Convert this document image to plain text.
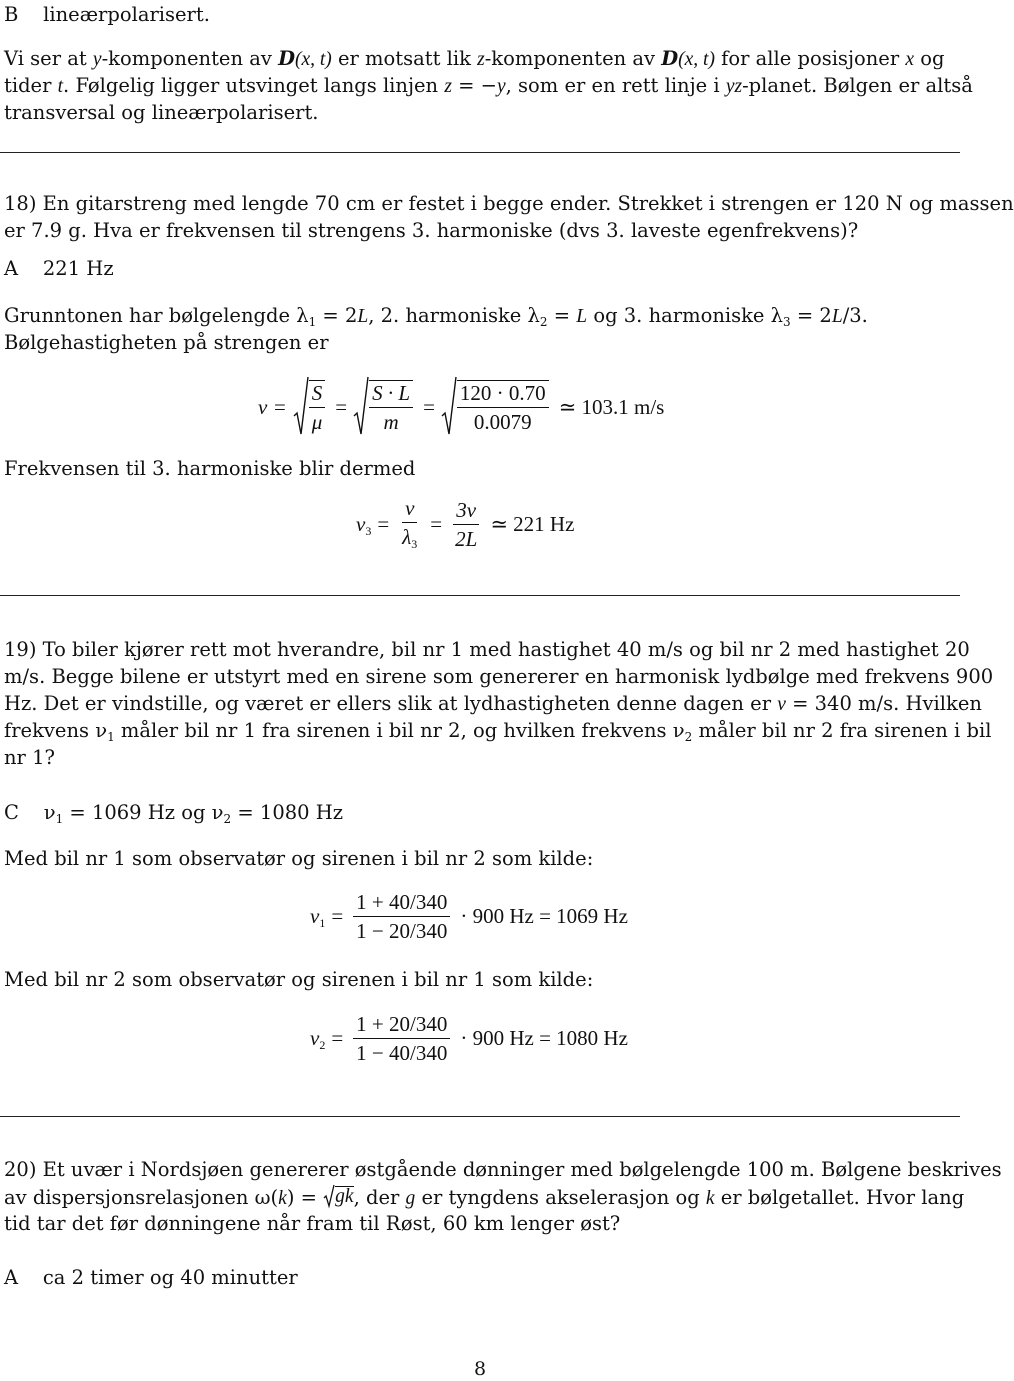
B lineærpolarisert.
Vi ser at y-komponenten av D(x, t) er motsatt lik z-komponenten av D(x, t) for alle posisjoner x og
tider t. Følgelig ligger utsvinget langs linjen z = −y, som er en rett linje i yz-planet. Bølgen er altså
transversal og lineærpolarisert.
18) En gitarstreng med lengde 70 cm er festet i begge ender. Strekket i strengen er 120 N og massen
er 7.9 g. Hva er frekvensen til strengens 3. harmoniske (dvs 3. laveste egenfrekvens)?
A 221 Hz
Grunntonen har bølgelengde $\lambda_1 = 2L$, 2. harmoniske $\lambda_2 = L$ og 3. harmoniske $\lambda_3 = 2L/3$.
Bølgehastigheten på strengen er
$v = \frac{S}{\mu} = \frac{S \cdot L}{m} = \frac{120 \cdot 0.70}{0.0079}$ ≃ 103.1 m/s
Frekvensen til 3. harmoniske blir dermed
$\nu 3 = \frac{v}{\lambda 3} = \frac{3v}{2L}$ ≃ 221 Hz
19) To biler kjører rett mot hverandre, bil nr 1 med hastighet 40 m/s og bil nr 2 med hastighet 20
m/s. Begge bilene er utstyrt med en sirene som genererer en harmonisk lydbølge med frekvens 900
Hz. Det er vindstille, og været er ellers slik at lydhastigheten denne dagen er v = 340 m/s. Hvilken
frekvens $\nu_1$ måler bil nr 1 fra sirenen i bil nr 2, og hvilken frekvens $\nu_2$ måler bil nr 2 fra sirenen i bil
nr 1?
C $\nu_1 = 1069$ Hz og $\nu_2 = 1080$ Hz
Med bil nr 1 som observatør og sirenen i bil nr 2 som kilde:
$\nu 1 = \frac{1 + 40/340}{1 - 20/340} \cdot 900$ Hz = 1069 Hz
Med bil nr 2 som observatør og sirenen i bil nr 1 som kilde:
$\nu 2 = \frac{1 + 20/340}{1 - 40/340} \cdot 900$ Hz = 1080 Hz
20) Et uvær i Nordsjøen genererer østgående dønninger med bølgelengde 100 m. Bølgene beskrives
av dispersjonsrelasjonen ω(k) = gk , der g er tyngdens akselerasjon og k er bølgetallet. Hvor lang
tid tar det før dønningene når fram til Røst, 60 km lenger øst?
A ca 2 timer og 40 minutter
8
